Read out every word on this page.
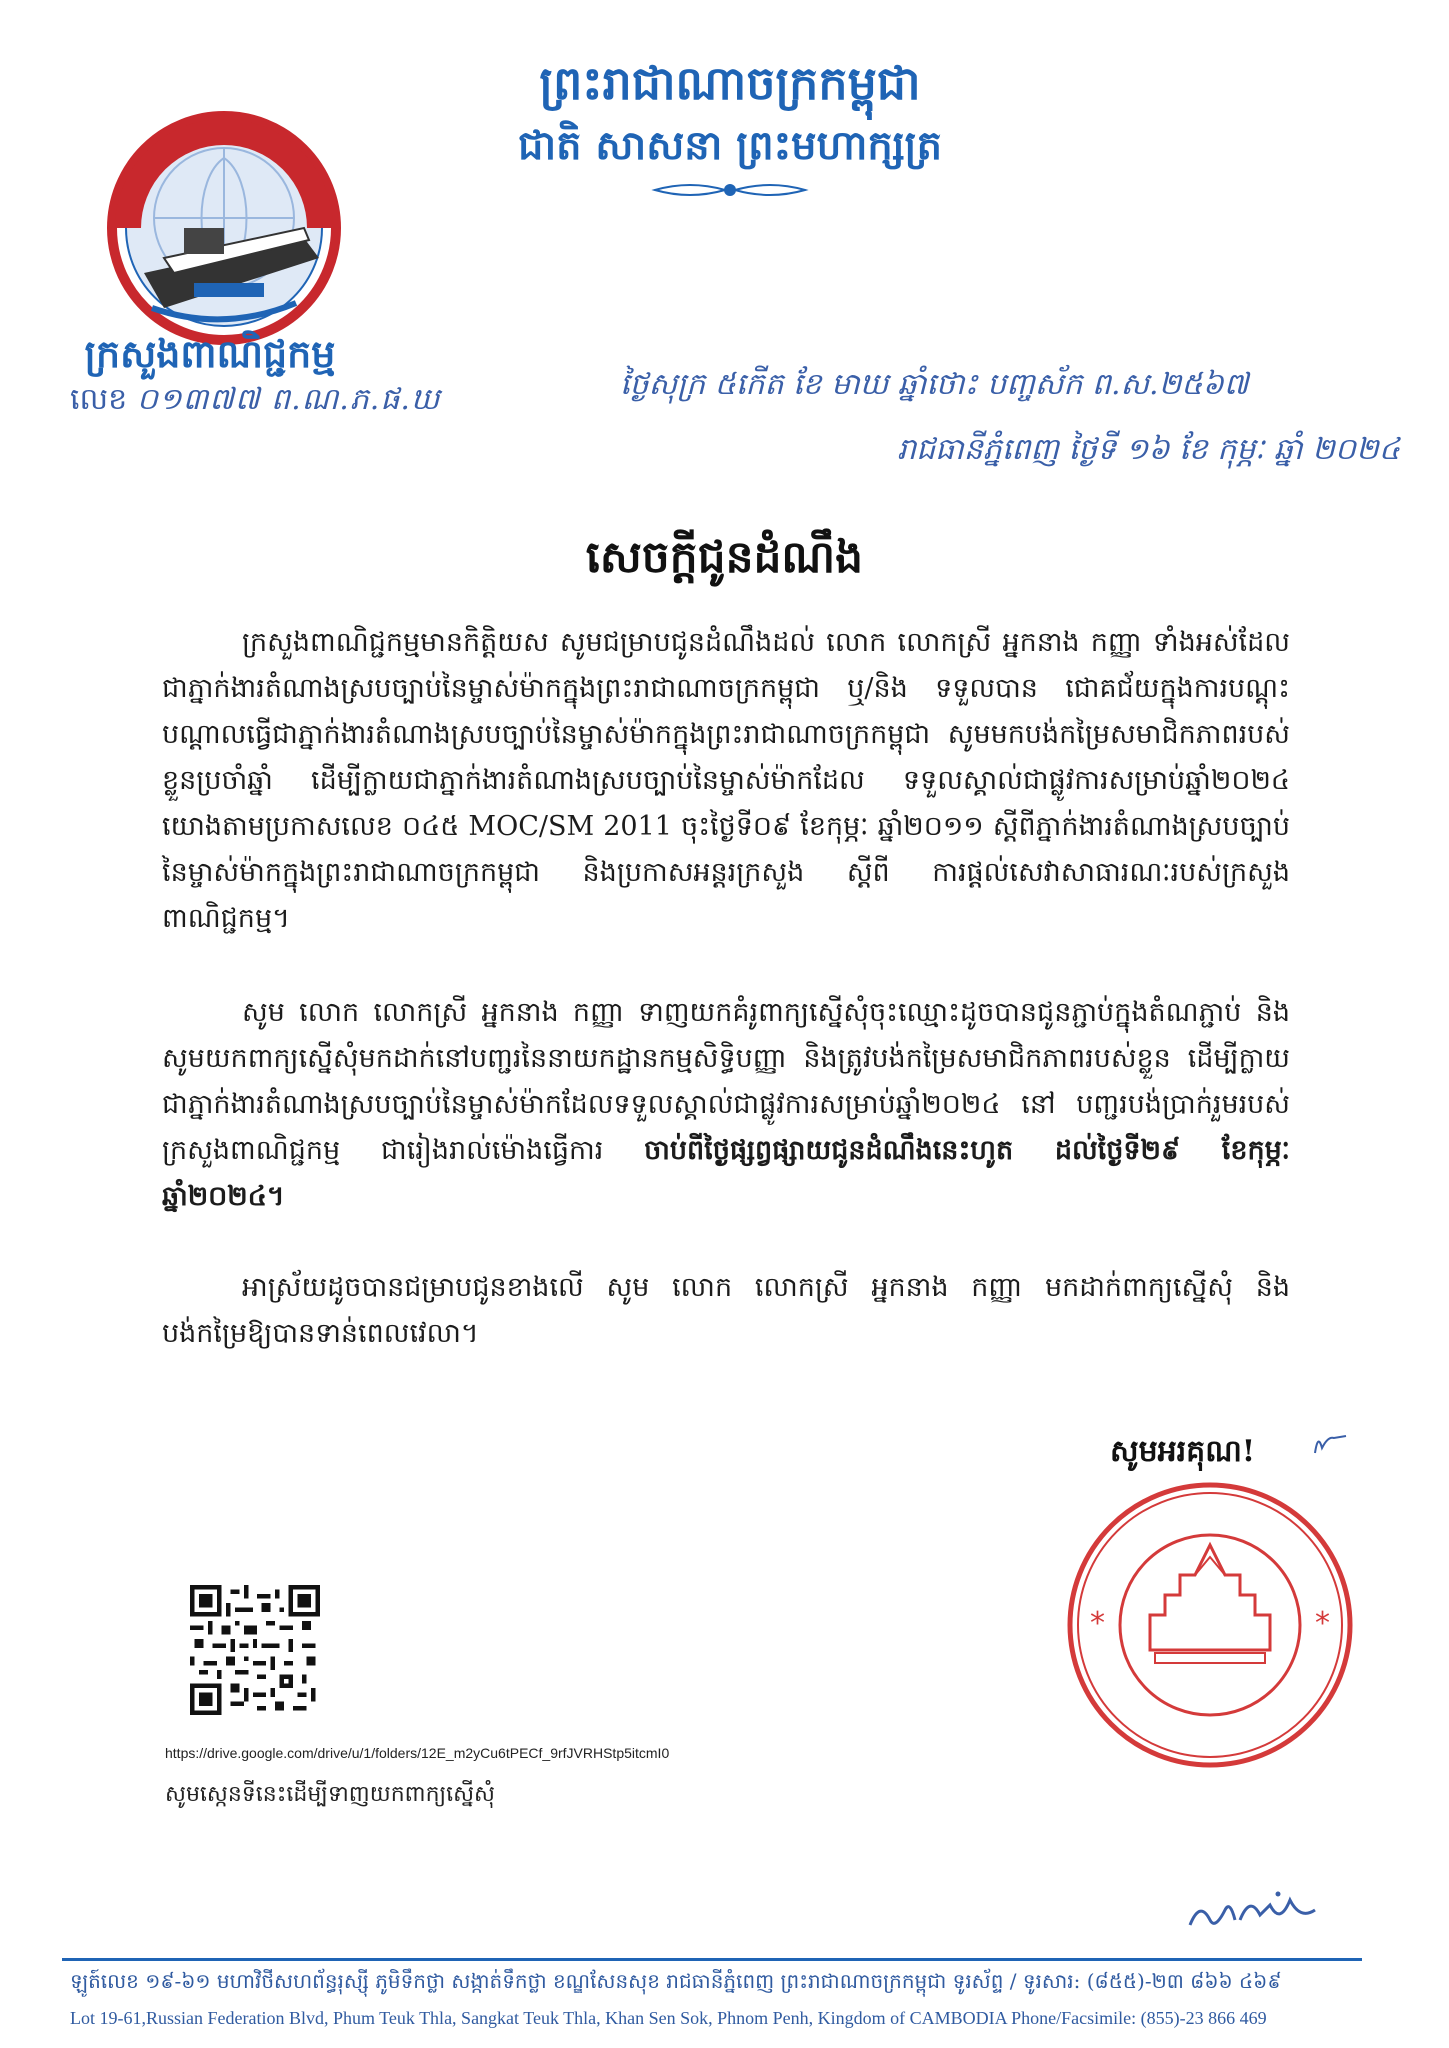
ក្រសួងពាណិជ្ជកម្ម
លេខ ០១៣៧៧ ព.ណ.ភ.ផ.ឃ
ព្រះរាជាណាចក្រកម្ពុជា
ជាតិ សាសនា ព្រះមហាក្សត្រ
ថ្ងៃសុក្រ ៥កើត ខែ មាឃ ឆ្នាំថោះ បញ្ចស័ក ព.ស.២៥៦៧
រាជធានីភ្នំពេញ ថ្ងៃទី ១៦ ខែ កុម្ភៈ ឆ្នាំ ២០២៤
សេចក្ដីជូនដំណឹង
ក្រសួងពាណិជ្ជកម្មមានកិត្តិយស សូមជម្រាបជូនដំណឹងដល់ លោក លោកស្រី អ្នកនាង កញ្ញា ទាំងអស់ដែលជាភ្នាក់ងារតំណាងស្របច្បាប់នៃម្ចាស់ម៉ាកក្នុងព្រះរាជាណាចក្រកម្ពុជា ឬ/និង ទទួលបាន ជោគជ័យក្នុងការបណ្ដុះបណ្ដាលធ្វើជាភ្នាក់ងារតំណាងស្របច្បាប់នៃម្ចាស់ម៉ាកក្នុងព្រះរាជាណាចក្រកម្ពុជា សូមមកបង់កម្រៃសមាជិកភាពរបស់ខ្លួនប្រចាំឆ្នាំ ដើម្បីក្លាយជាភ្នាក់ងារតំណាងស្របច្បាប់នៃម្ចាស់ម៉ាកដែល ទទួលស្គាល់ជាផ្លូវការសម្រាប់ឆ្នាំ២០២៤ យោងតាមប្រកាសលេខ ០៤៥ MOC/SM 2011 ចុះថ្ងៃទី០៩ ខែកុម្ភៈ ឆ្នាំ២០១១ ស្ដីពីភ្នាក់ងារតំណាងស្របច្បាប់នៃម្ចាស់ម៉ាកក្នុងព្រះរាជាណាចក្រកម្ពុជា និងប្រកាសអន្តរក្រសួង ស្ដីពី ការផ្ដល់សេវាសាធារណៈរបស់ក្រសួងពាណិជ្ជកម្ម។
សូម លោក លោកស្រី អ្នកនាង កញ្ញា ទាញយកគំរូពាក្យស្នើសុំចុះឈ្មោះដូចបានជូនភ្ជាប់ក្នុងតំណភ្ជាប់ និងសូមយកពាក្យស្នើសុំមកដាក់នៅបញ្ជរនៃនាយកដ្ឋានកម្មសិទ្ធិបញ្ញា និងត្រូវបង់កម្រៃសមាជិកភាពរបស់ខ្លួន ដើម្បីក្លាយជាភ្នាក់ងារតំណាងស្របច្បាប់នៃម្ចាស់ម៉ាកដែលទទួលស្គាល់ជាផ្លូវការសម្រាប់ឆ្នាំ២០២៤ នៅ បញ្ជរបង់ប្រាក់រួមរបស់ក្រសួងពាណិជ្ជកម្ម ជារៀងរាល់ម៉ោងធ្វើការ ចាប់ពីថ្ងៃផ្សព្វផ្សាយជូនដំណឹងនេះហូត ដល់ថ្ងៃទី២៩ ខែកុម្ភៈ ឆ្នាំ២០២៤។
អាស្រ័យដូចបានជម្រាបជូនខាងលើ សូម លោក លោកស្រី អ្នកនាង កញ្ញា មកដាក់ពាក្យស្នើសុំ និងបង់កម្រៃឱ្យបានទាន់ពេលវេលា។
សូមអរគុណ!
*	*
https://drive.google.com/drive/u/1/folders/12E_m2yCu6tPECf_9rfJVRHStp5itcmI0
សូមស្កេនទីនេះដើម្បីទាញយកពាក្យស្នើសុំ
ឡូត៍លេខ ១៩-៦១ មហាវិថីសហព័ន្ធរុស្ស៊ី ភូមិទឹកថ្លា សង្កាត់ទឹកថ្លា ខណ្ឌសែនសុខ រាជធានីភ្នំពេញ ព្រះរាជាណាចក្រកម្ពុជា ទូរស័ព្ទ / ទូរសារ: (៨៥៥)-២៣ ៨៦៦ ៤៦៩
Lot 19-61,Russian Federation Blvd, Phum Teuk Thla, Sangkat Teuk Thla, Khan Sen Sok, Phnom Penh, Kingdom of CAMBODIA Phone/Facsimile: (855)-23 866 469
